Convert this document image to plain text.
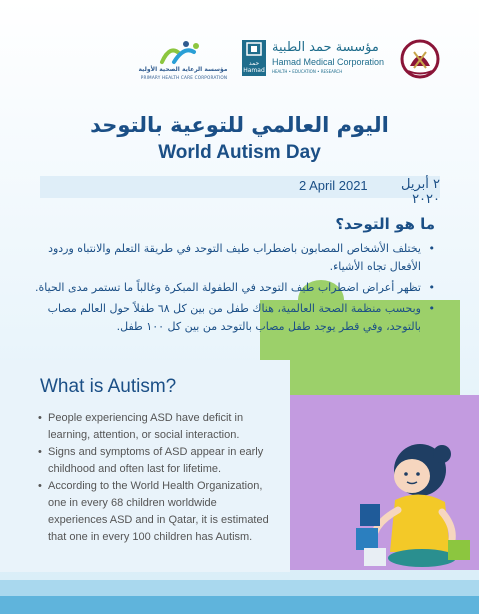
مؤسسة الرعاية الصحية الأولية
PRIMARY HEALTH CARE CORPORATION
حمد
Hamad
مؤسسة حمد الطبية
Hamad Medical Corporation
HEALTH • EDUCATION • RESEARCH
اليوم العالمي للتوعية بالتوحد
World Autism Day
2 April 2021	٢ أبريل ٢٠٢٠
ما هو التوحد؟
• يختلف الأشخاص المصابون باضطراب طيف التوحد في طريقة التعلم والانتباه وردود الأفعال تجاه الأشياء.
• تظهر أعراض اضطراب طيف التوحد في الطفولة المبكرة وغالباً ما تستمر مدى الحياة.
• وبحسب منظمة الصحة العالمية، هناك طفل من بين كل ٦٨ طفلاً حول العالم مصاب بالتوحد، وفي قطر يوجد طفل مصاب بالتوحد من بين كل ١٠٠ طفل.
What is Autism?
• People experiencing ASD have deficit in learning, attention, or social interaction.
• Signs and symptoms of ASD appear in early childhood and often last for lifetime.
• According to the World Health Organization, one in every 68 children worldwide experiences ASD and in Qatar, it is estimated that one in every 100 children has Autism.
